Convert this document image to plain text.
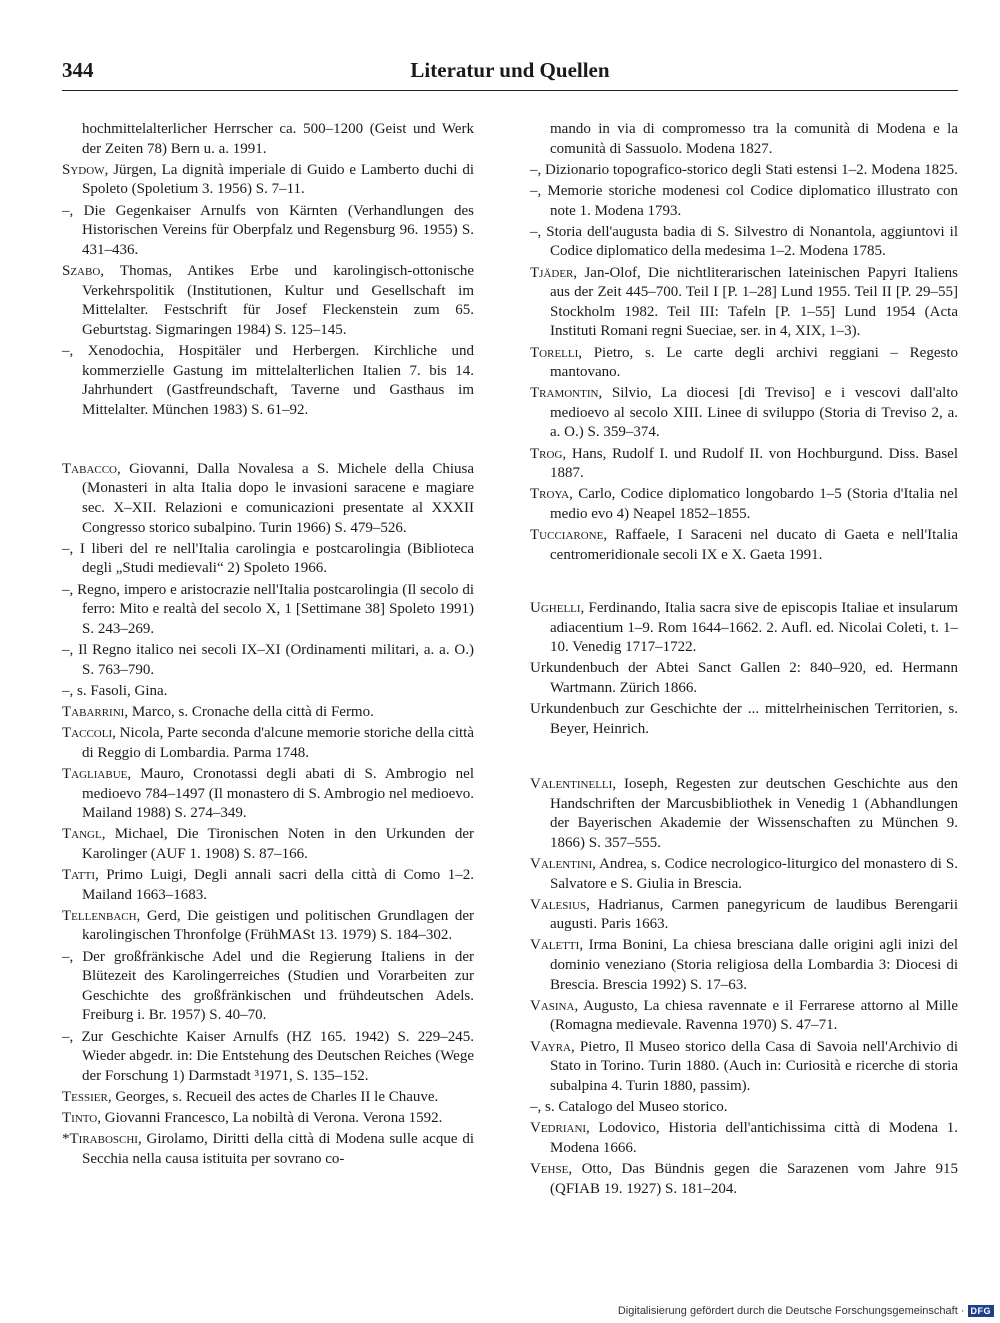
344	Literatur und Quellen

hochmittelalterlicher Herrscher ca. 500–1200 (Geist und Werk der Zeiten 78) Bern u. a. 1991.

Sydow, Jürgen, La dignità imperiale di Guido e Lamberto duchi di Spoleto (Spoletium 3. 1956) S. 7–11.

–, Die Gegenkaiser Arnulfs von Kärnten (Verhandlungen des Historischen Vereins für Oberpfalz und Regensburg 96. 1955) S. 431–436.

Szabo, Thomas, Antikes Erbe und karolingisch-ottonische Verkehrspolitik (Institutionen, Kultur und Gesellschaft im Mittelalter. Festschrift für Josef Fleckenstein zum 65. Geburtstag. Sigmaringen 1984) S. 125–145.

–, Xenodochia, Hospitäler und Herbergen. Kirchliche und kommerzielle Gastung im mittelalterlichen Italien 7. bis 14. Jahrhundert (Gastfreundschaft, Taverne und Gasthaus im Mittelalter. München 1983) S. 61–92.

Tabacco, Giovanni, Dalla Novalesa a S. Michele della Chiusa (Monasteri in alta Italia dopo le invasioni saracene e magiare sec. X–XII. Relazioni e comunicazioni presentate al XXXII Congresso storico subalpino. Turin 1966) S. 479–526.

–, I liberi del re nell'Italia carolingia e postcarolingia (Biblioteca degli „Studi medievali“ 2) Spoleto 1966.

–, Regno, impero e aristocrazie nell'Italia postcarolingia (Il secolo di ferro: Mito e realtà del secolo X, 1 [Settimane 38] Spoleto 1991) S. 243–269.

–, Il Regno italico nei secoli IX–XI (Ordinamenti militari, a. a. O.) S. 763–790.

–, s. Fasoli, Gina.

Tabarrini, Marco, s. Cronache della città di Fermo.

Taccoli, Nicola, Parte seconda d'alcune memorie storiche della città di Reggio di Lombardia. Parma 1748.

Tagliabue, Mauro, Cronotassi degli abati di S. Ambrogio nel medioevo 784–1497 (Il monastero di S. Ambrogio nel medioevo. Mailand 1988) S. 274–349.

Tangl, Michael, Die Tironischen Noten in den Urkunden der Karolinger (AUF 1. 1908) S. 87–166.

Tatti, Primo Luigi, Degli annali sacri della città di Como 1–2. Mailand 1663–1683.

Tellenbach, Gerd, Die geistigen und politischen Grundlagen der karolingischen Thronfolge (FrühMASt 13. 1979) S. 184–302.

–, Der großfränkische Adel und die Regierung Italiens in der Blütezeit des Karolingerreiches (Studien und Vorarbeiten zur Geschichte des großfränkischen und frühdeutschen Adels. Freiburg i. Br. 1957) S. 40–70.

–, Zur Geschichte Kaiser Arnulfs (HZ 165. 1942) S. 229–245. Wieder abgedr. in: Die Entstehung des Deutschen Reiches (Wege der Forschung 1) Darmstadt ³1971, S. 135–152.

Tessier, Georges, s. Recueil des actes de Charles II le Chauve.

Tinto, Giovanni Francesco, La nobiltà di Verona. Verona 1592.

*Tiraboschi, Girolamo, Diritti della città di Modena sulle acque di Secchia nella causa istituita per sovrano co-

mando in via di compromesso tra la comunità di Modena e la comunità di Sassuolo. Modena 1827.

–, Dizionario topografico-storico degli Stati estensi 1–2. Modena 1825.

–, Memorie storiche modenesi col Codice diplomatico illustrato con note 1. Modena 1793.

–, Storia dell'augusta badia di S. Silvestro di Nonantola, aggiuntovi il Codice diplomatico della medesima 1–2. Modena 1785.

Tjäder, Jan-Olof, Die nichtliterarischen lateinischen Papyri Italiens aus der Zeit 445–700. Teil I [P. 1–28] Lund 1955. Teil II [P. 29–55] Stockholm 1982. Teil III: Tafeln [P. 1–55] Lund 1954 (Acta Instituti Romani regni Sueciae, ser. in 4, XIX, 1–3).

Torelli, Pietro, s. Le carte degli archivi reggiani – Regesto mantovano.

Tramontin, Silvio, La diocesi [di Treviso] e i vescovi dall'alto medioevo al secolo XIII. Linee di sviluppo (Storia di Treviso 2, a. a. O.) S. 359–374.

Trog, Hans, Rudolf I. und Rudolf II. von Hochburgund. Diss. Basel 1887.

Troya, Carlo, Codice diplomatico longobardo 1–5 (Storia d'Italia nel medio evo 4) Neapel 1852–1855.

Tucciarone, Raffaele, I Saraceni nel ducato di Gaeta e nell'Italia centromeridionale secoli IX e X. Gaeta 1991.

Ughelli, Ferdinando, Italia sacra sive de episcopis Italiae et insularum adiacentium 1–9. Rom 1644–1662. 2. Aufl. ed. Nicolai Coleti, t. 1–10. Venedig 1717–1722.

Urkundenbuch der Abtei Sanct Gallen 2: 840–920, ed. Hermann Wartmann. Zürich 1866.

Urkundenbuch zur Geschichte der ... mittelrheinischen Territorien, s. Beyer, Heinrich.

Valentinelli, Ioseph, Regesten zur deutschen Geschichte aus den Handschriften der Marcusbibliothek in Venedig 1 (Abhandlungen der Bayerischen Akademie der Wissenschaften zu München 9. 1866) S. 357–555.

Valentini, Andrea, s. Codice necrologico-liturgico del monastero di S. Salvatore e S. Giulia in Brescia.

Valesius, Hadrianus, Carmen panegyricum de laudibus Berengarii augusti. Paris 1663.

Valetti, Irma Bonini, La chiesa bresciana dalle origini agli inizi del dominio veneziano (Storia religiosa della Lombardia 3: Diocesi di Brescia. Brescia 1992) S. 17–63.

Vasina, Augusto, La chiesa ravennate e il Ferrarese attorno al Mille (Romagna medievale. Ravenna 1970) S. 47–71.

Vayra, Pietro, Il Museo storico della Casa di Savoia nell'Archivio di Stato in Torino. Turin 1880. (Auch in: Curiosità e ricerche di storia subalpina 4. Turin 1880, passim).

–, s. Catalogo del Museo storico.

Vedriani, Lodovico, Historia dell'antichissima città di Modena 1. Modena 1666.

Vehse, Otto, Das Bündnis gegen die Sarazenen vom Jahre 915 (QFIAB 19. 1927) S. 181–204.

Digitalisierung gefördert durch die Deutsche Forschungsgemeinschaft · DFG
